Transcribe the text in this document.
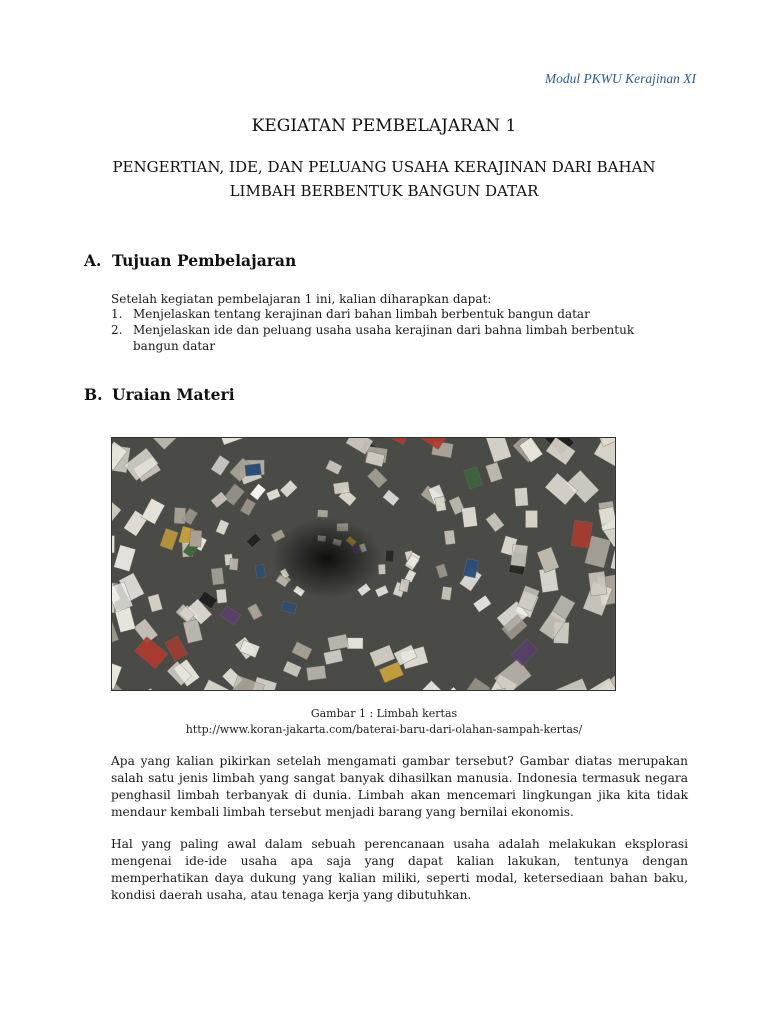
Modul PKWU Kerajinan XI
KEGIATAN PEMBELAJARAN 1
PENGERTIAN, IDE, DAN PELUANG USAHA KERAJINAN DARI BAHAN
LIMBAH BERBENTUK BANGUN DATAR
A. Tujuan Pembelajaran
Setelah kegiatan pembelajaran 1 ini, kalian diharapkan dapat:
1. Menjelaskan tentang kerajinan dari bahan limbah berbentuk bangun datar
2. Menjelaskan ide dan peluang usaha usaha kerajinan dari bahna limbah berbentuk bangun datar
B. Uraian Materi
Gambar 1 : Limbah kertas
http://www.koran-jakarta.com/baterai-baru-dari-olahan-sampah-kertas/
Apa yang kalian pikirkan setelah mengamati gambar tersebut? Gambar diatas merupakan salah satu jenis limbah yang sangat banyak dihasilkan manusia. Indonesia termasuk negara penghasil limbah terbanyak di dunia. Limbah akan mencemari lingkungan jika kita tidak mendaur kembali limbah tersebut menjadi barang yang bernilai ekonomis.
Hal yang paling awal dalam sebuah perencanaan usaha adalah melakukan eksplorasi mengenai ide-ide usaha apa saja yang dapat kalian lakukan, tentunya dengan memperhatikan daya dukung yang kalian miliki, seperti modal, ketersediaan bahan baku, kondisi daerah usaha, atau tenaga kerja yang dibutuhkan.
